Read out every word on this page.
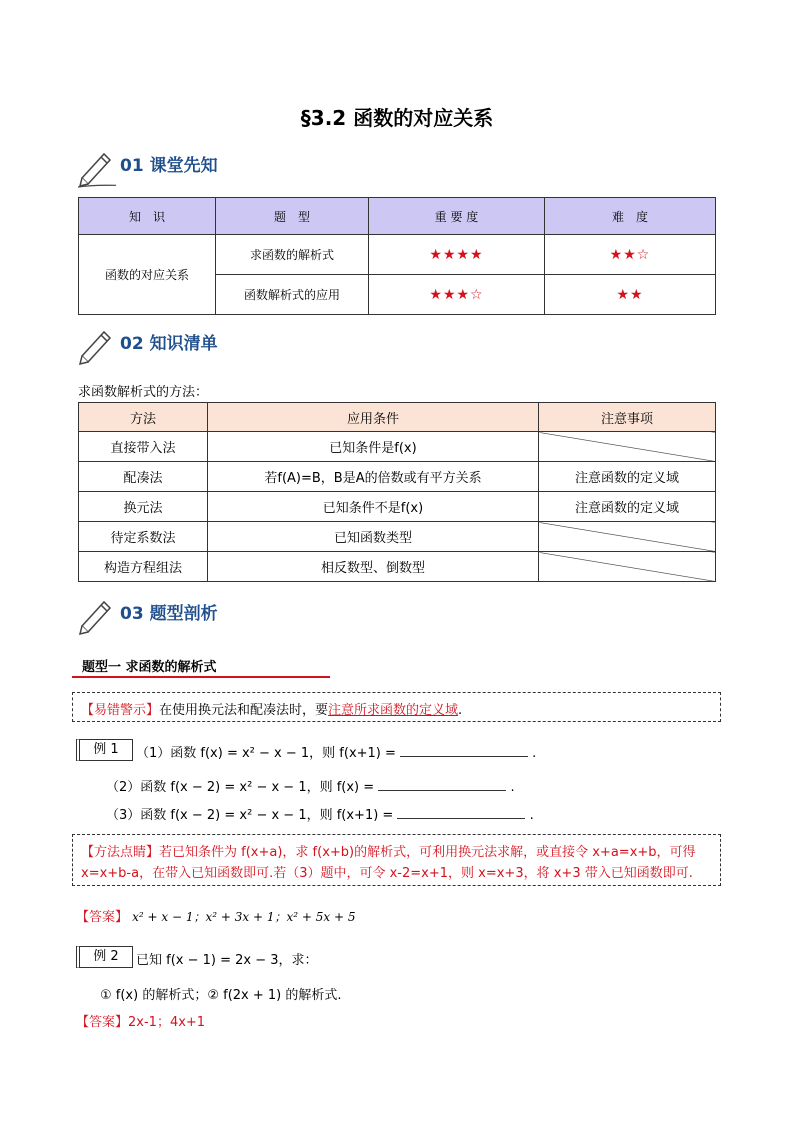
§3.2 函数的对应关系
01 课堂先知
知　识	题　型	重 要 度	难　度
函数的对应关系	求函数的解析式	★★★★	★★☆
	函数解析式的应用	★★★☆	★★
02 知识清单
求函数解析式的方法：
方法	应用条件	注意事项
直接带入法	已知条件是f(x)	
配凑法	若f(A)=B，B是A的倍数或有平方关系	注意函数的定义域
换元法	已知条件不是f(x)	注意函数的定义域
待定系数法	已知函数类型	
构造方程组法	相反数型、倒数型	
03 题型剖析
题型一 求函数的解析式
【易错警示】在使用换元法和配凑法时，要注意所求函数的定义域.
例 1	（1）函数 f(x) = x² − x − 1，则 f(x+1) =	.
（2）函数 f(x − 2) = x² − x − 1，则 f(x) =	.
（3）函数 f(x − 2) = x² − x − 1，则 f(x+1) =	.
【方法点睛】若已知条件为 f(x+a)，求 f(x+b)的解析式，可利用换元法求解，或直接令 x+a=x+b，可得
x=x+b-a，在带入已知函数即可.若（3）题中，可令 x-2=x+1，则 x=x+3，将 x+3 带入已知函数即可.
【答案】 x² + x − 1；x² + 3x + 1；x² + 5x + 5
例 2	已知 f(x − 1) = 2x − 3，求：
① f(x) 的解析式；② f(2x + 1) 的解析式.
【答案】2x-1；4x+1
